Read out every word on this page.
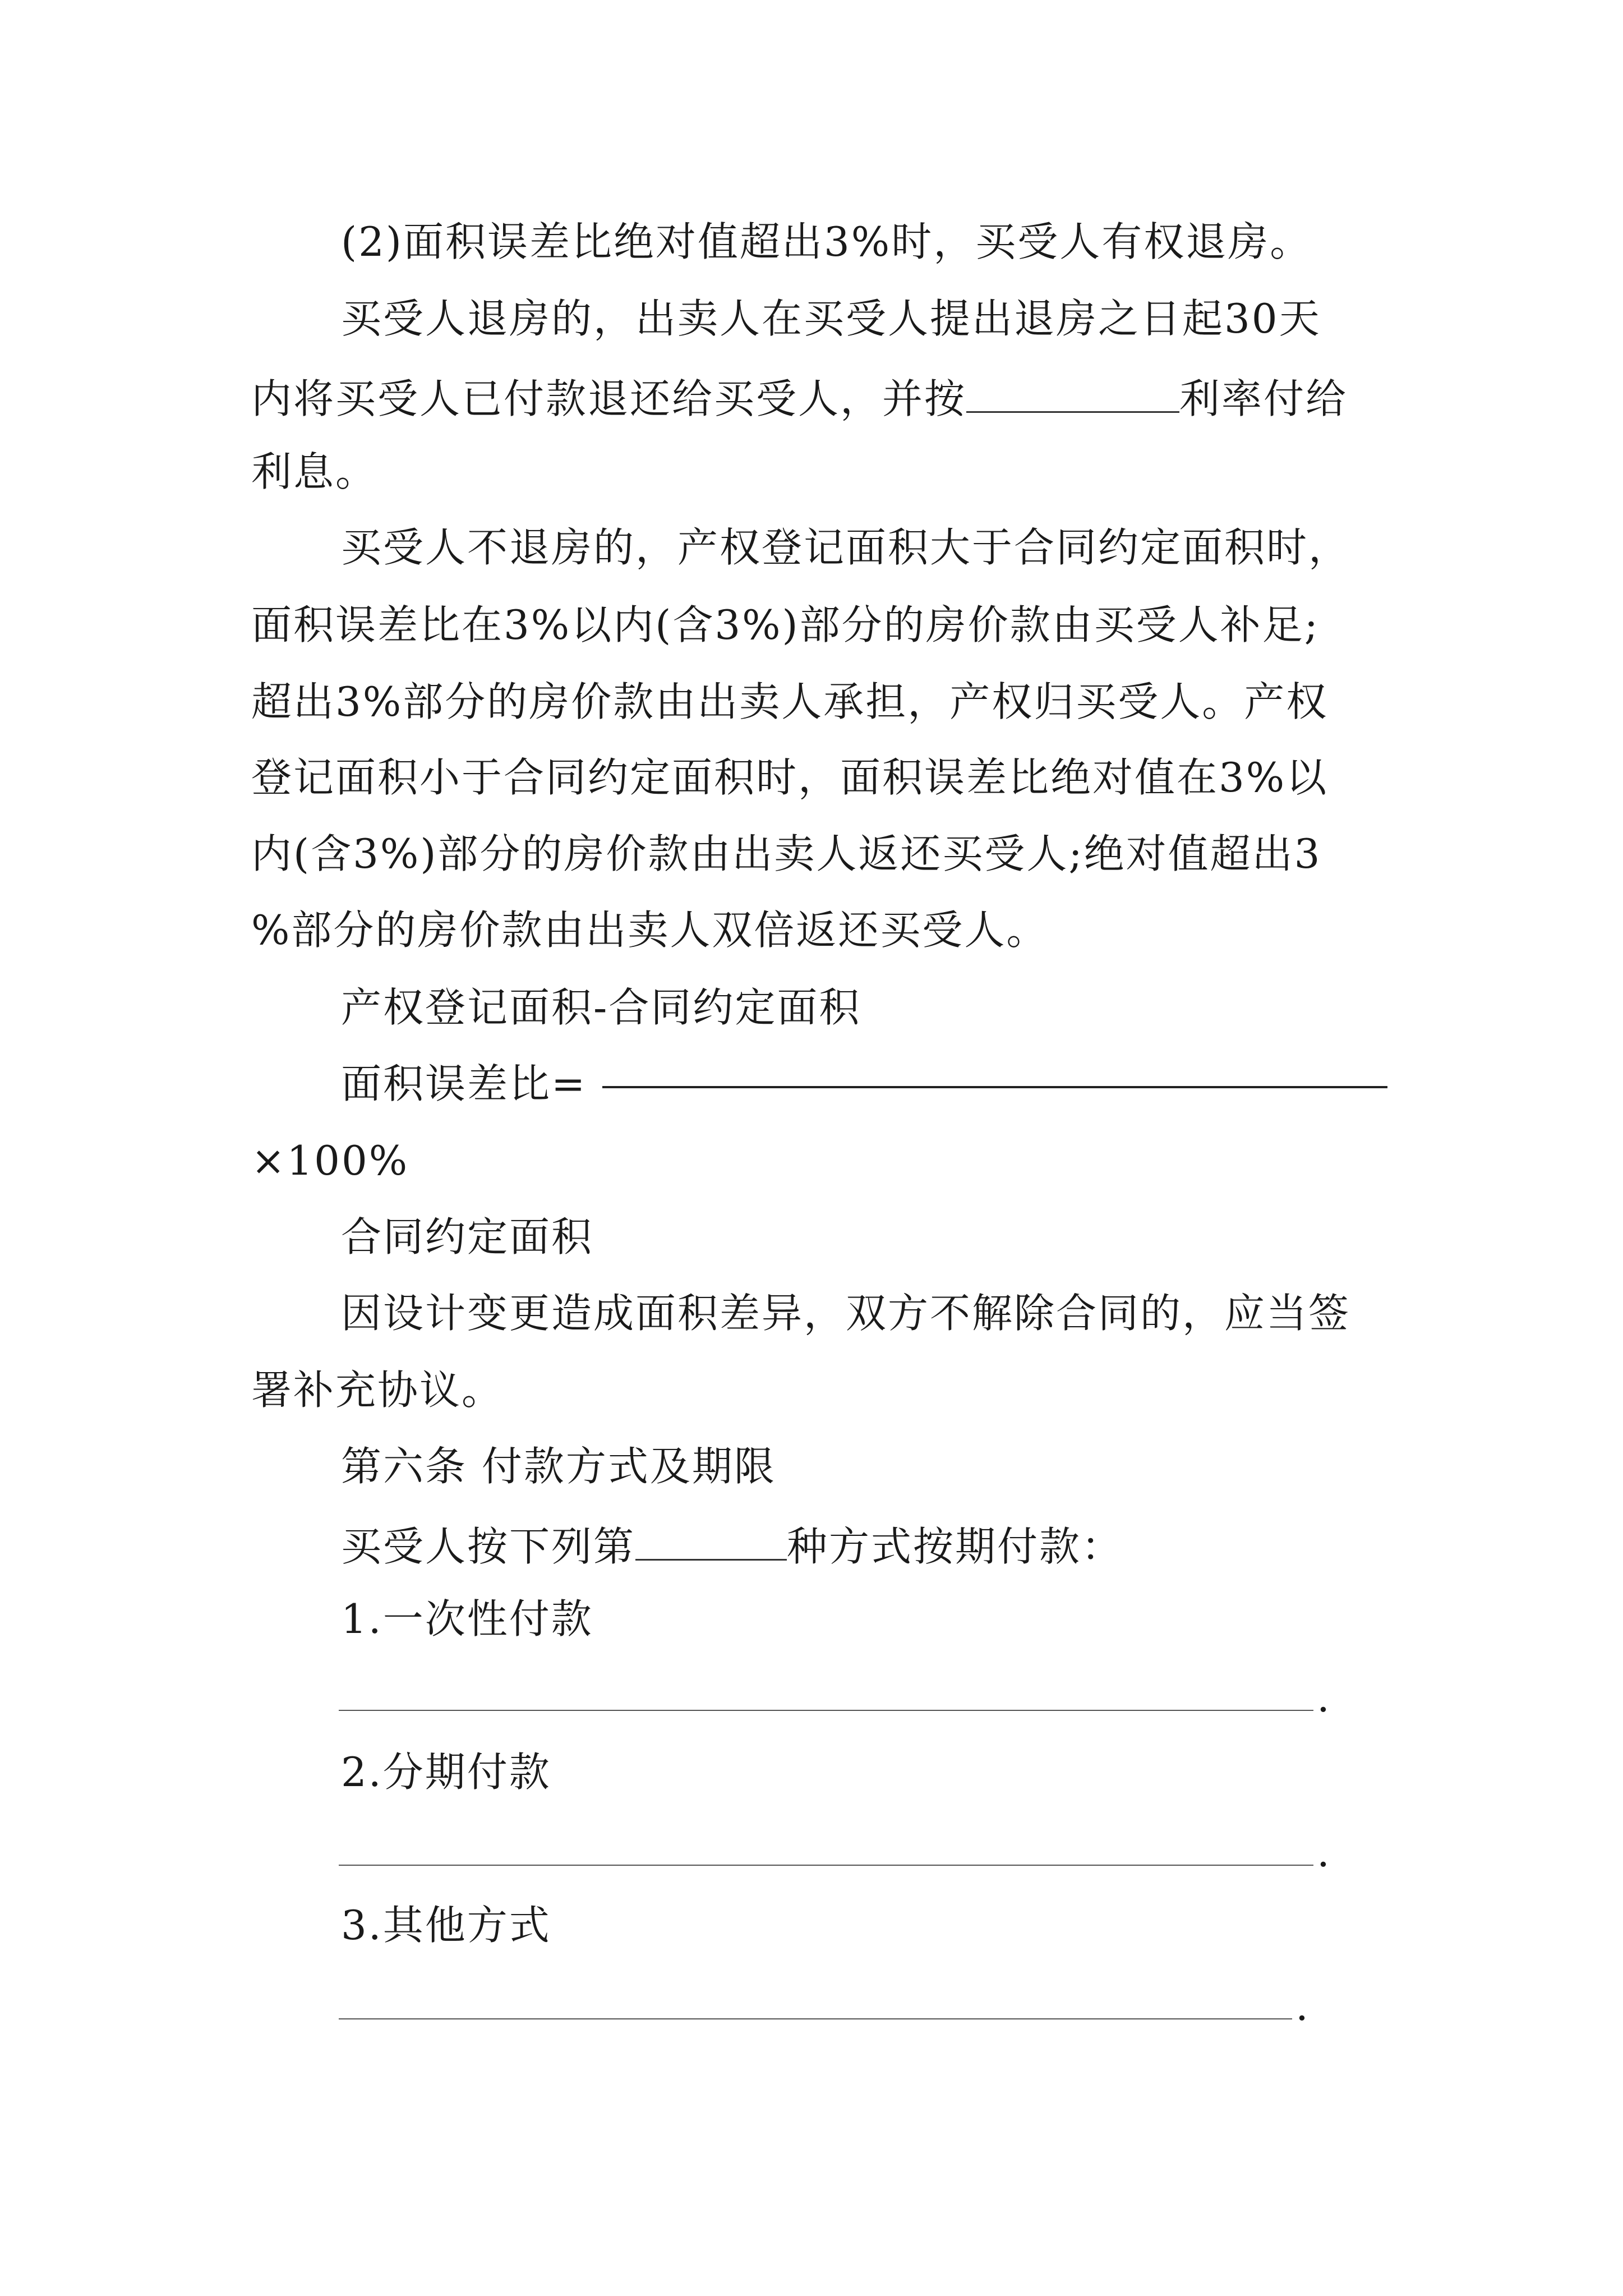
(2)面积误差比绝对值超出3%时，买受人有权退房。
买受人退房的，出卖人在买受人提出退房之日起30天
内将买受人已付款退还给买受人，并按	利率付给
利息。
买受人不退房的，产权登记面积大于合同约定面积时，
面积误差比在3%以内(含3%)部分的房价款由买受人补足;
超出3%部分的房价款由出卖人承担，产权归买受人。产权
登记面积小于合同约定面积时，面积误差比绝对值在3%以
内(含3%)部分的房价款由出卖人返还买受人;绝对值超出3
%部分的房价款由出卖人双倍返还买受人。
产权登记面积-合同约定面积
面积误差比=
×100%
合同约定面积
因设计变更造成面积差异，双方不解除合同的，应当签
署补充协议。
第六条 付款方式及期限
买受人按下列第	种方式按期付款：
1.一次性付款
.
2.分期付款
.
3.其他方式
.
